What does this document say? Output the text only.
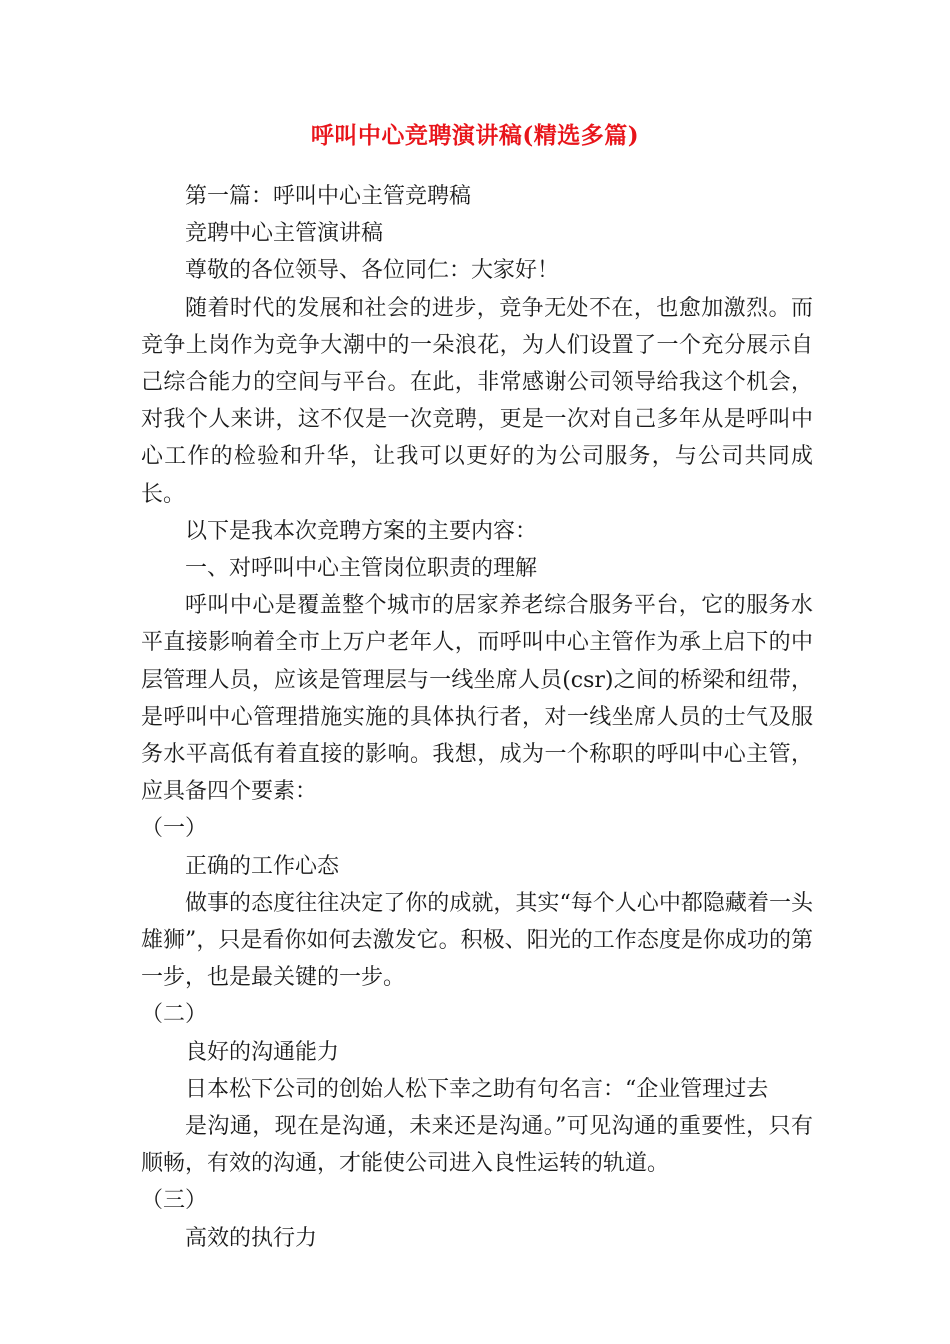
呼叫中心竞聘演讲稿(精选多篇)

第一篇：呼叫中心主管竞聘稿

竞聘中心主管演讲稿

尊敬的各位领导、各位同仁：大家好！

随着时代的发展和社会的进步，竞争无处不在，也愈加激烈。而竞争上岗作为竞争大潮中的一朵浪花，为人们设置了一个充分展示自己综合能力的空间与平台。在此，非常感谢公司领导给我这个机会，对我个人来讲，这不仅是一次竞聘，更是一次对自己多年从是呼叫中心工作的检验和升华，让我可以更好的为公司服务，与公司共同成长。

以下是我本次竞聘方案的主要内容：

一、对呼叫中心主管岗位职责的理解

呼叫中心是覆盖整个城市的居家养老综合服务平台，它的服务水平直接影响着全市上万户老年人，而呼叫中心主管作为承上启下的中层管理人员，应该是管理层与一线坐席人员(csr)之间的桥梁和纽带，是呼叫中心管理措施实施的具体执行者，对一线坐席人员的士气及服务水平高低有着直接的影响。我想，成为一个称职的呼叫中心主管，应具备四个要素：

（一）

正确的工作心态

做事的态度往往决定了你的成就，其实“每个人心中都隐藏着一头雄狮”，只是看你如何去激发它。积极、阳光的工作态度是你成功的第一步，也是最关键的一步。

（二）

良好的沟通能力

日本松下公司的创始人松下幸之助有句名言：“企业管理过去

是沟通，现在是沟通，未来还是沟通。”可见沟通的重要性，只有顺畅，有效的沟通，才能使公司进入良性运转的轨道。

（三）

高效的执行力
